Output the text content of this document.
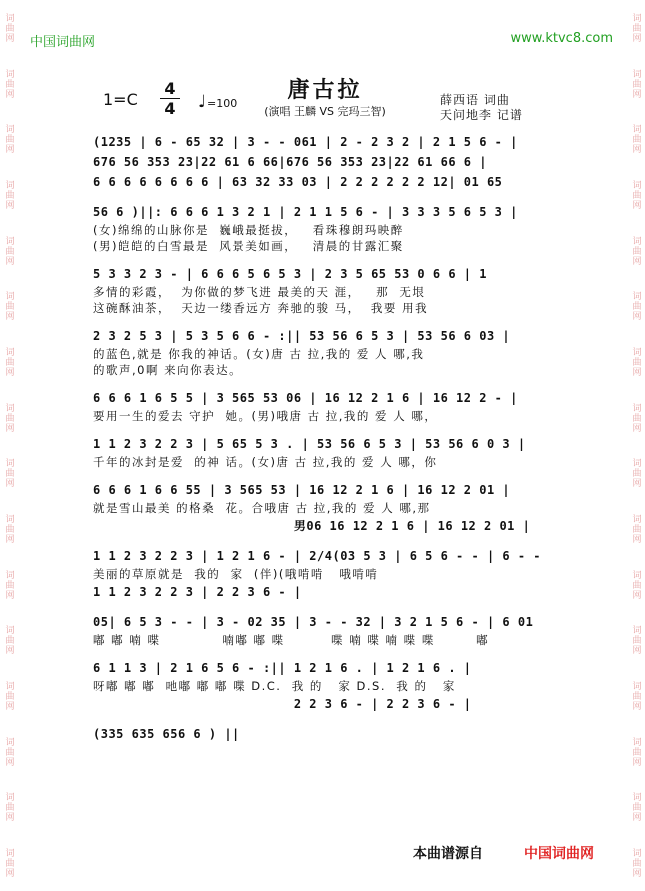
词曲网
词曲网
词曲网
词曲网
词曲网
词曲网
词曲网
词曲网
词曲网
词曲网
词曲网
词曲网
词曲网
词曲网
词曲网
词曲网
词曲网
词曲网
词曲网
词曲网
词曲网
词曲网
词曲网
词曲网
词曲网
词曲网
词曲网
词曲网
词曲网
词曲网
词曲网
词曲网
中国词曲网	www.ktvc8.com
1=C
4
4 ♩=100
唐古拉
(演唱 王麟 VS 完玛三智)
薛西语 词曲
天问地李 记谱
(1235 | 6 - 65 32 | 3 - - 061 | 2 - 2 3 2 | 2 1 5 6 - |
676 56 353 23|22 61 6 66|676 56 353 23|22 61 66 6 |
6 6 6 6 6 6 6 6 | 63 32 33 03 | 2 2 2 2 2 2 12| 01 65
56 6 )||: 6 6 6 1 3 2 1 | 2 1 1 5 6 - | 3 3 3 5 6 5 3 |
(女)绵绵的山脉你是  巍峨最挺拔，   看珠穆朗玛映醉
(男)皑皑的白雪最是  风景美如画，   清晨的甘露汇聚
5 3 3 2 3 - | 6 6 6 5 6 5 3 | 2 3 5 65 53 0 6 6 | 1
多情的彩霞，  为你做的梦飞进 最美的天 涯，   那  无垠
这碗酥油茶，  天边一缕香远方 奔驰的骏 马，  我要 用我
2 3 2 5 3 | 5 3 5 6 6 - :|| 53 56 6 5 3 | 53 56 6 03 |
的蓝色,就是 你我的神话。(女)唐 古 拉,我的 爱 人 哪,我
的歌声,0啊 来向你表达。
6 6 6 1 6 5 5 | 3 565 53 06 | 16 12 2 1 6 | 16 12 2 - |
要用一生的爱去 守护  她。(男)哦唐 古 拉,我的 爱 人 哪，
1 1 2 3 2 2 3 | 5 65 5 3 . | 53 56 6 5 3 | 53 56 6 0 3 |
千年的冰封是爱  的神 话。(女)唐 古 拉,我的 爱 人 哪，你
6 6 6 1 6 6 55 | 3 565 53 | 16 12 2 1 6 | 16 12 2 01 |
就是雪山最美 的格桑  花。合哦唐 古 拉,我的 爱 人 哪,那
男06 16 12 2 1 6 | 16 12 2 01 |
1 1 2 3 2 2 3 | 1 2 1 6 - | 2/4(03 5 3 | 6 5 6 - - | 6 - -
美丽的草原就是  我的  家  (伴)(哦啃啃   哦啃啃
1 1 2 3 2 2 3 | 2 2 3 6 - |
05| 6 5 3 - - | 3 - 02 35 | 3 - - 32 | 3 2 1 5 6 - | 6 01
嘟 嘟 喃 喋            喃嘟 嘟 喋         喋 喃 喋 喃 喋 喋        嘟
6 1 1 3 | 2 1 6 5 6 - :|| 1 2 1 6 . | 1 2 1 6 . |
呀嘟 嘟 嘟  吔嘟 嘟 嘟 喋 D.C.  我 的   家 D.S.  我 的   家
2 2 3 6 - | 2 2 3 6 - |
(335 635 656 6 ) ||
本曲谱源自	中国词曲网
